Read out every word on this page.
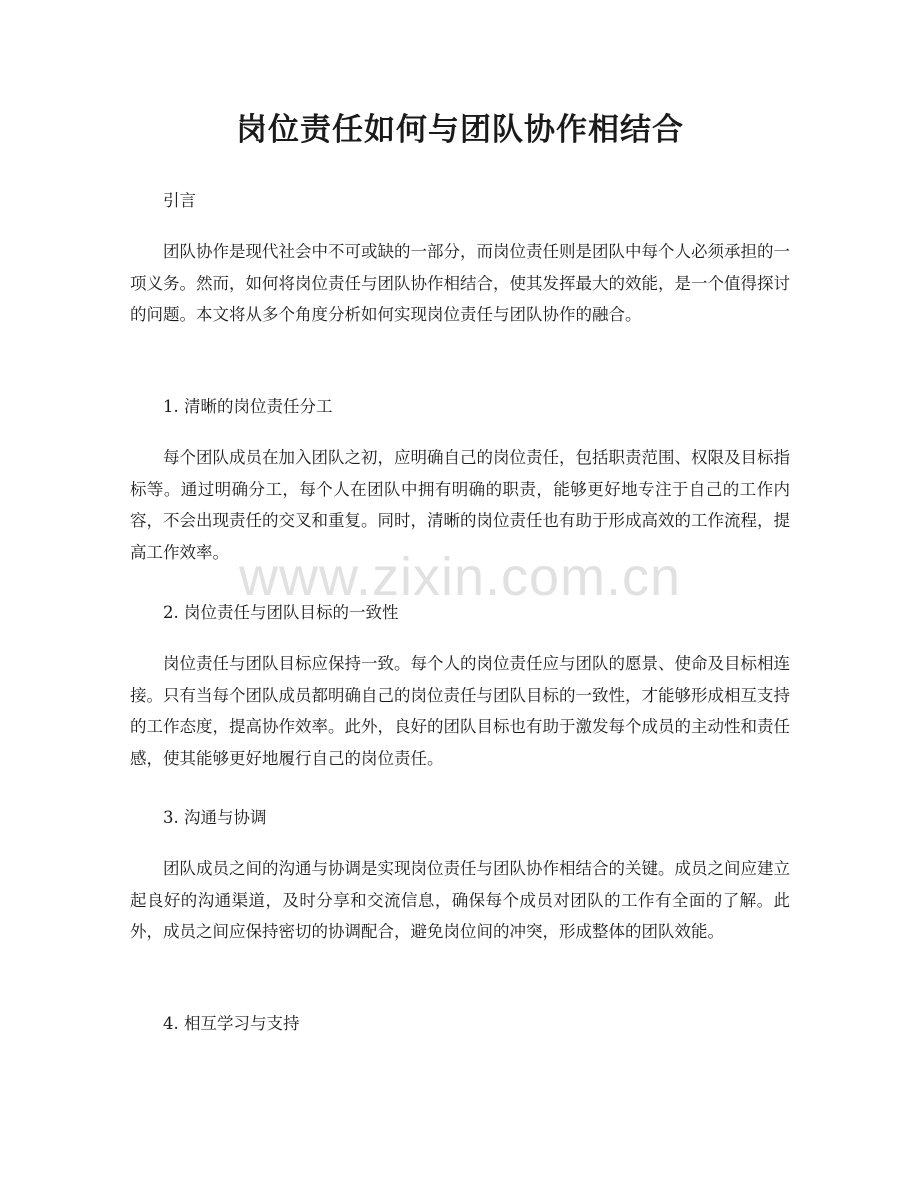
岗位责任如何与团队协作相结合

引言

团队协作是现代社会中不可或缺的一部分，而岗位责任则是团队中每个人必须承担的一项义务。然而，如何将岗位责任与团队协作相结合，使其发挥最大的效能，是一个值得探讨的问题。本文将从多个角度分析如何实现岗位责任与团队协作的融合。

1. 清晰的岗位责任分工

每个团队成员在加入团队之初，应明确自己的岗位责任，包括职责范围、权限及目标指标等。通过明确分工，每个人在团队中拥有明确的职责，能够更好地专注于自己的工作内容，不会出现责任的交叉和重复。同时，清晰的岗位责任也有助于形成高效的工作流程，提高工作效率。

2. 岗位责任与团队目标的一致性

岗位责任与团队目标应保持一致。每个人的岗位责任应与团队的愿景、使命及目标相连接。只有当每个团队成员都明确自己的岗位责任与团队目标的一致性，才能够形成相互支持的工作态度，提高协作效率。此外，良好的团队目标也有助于激发每个成员的主动性和责任感，使其能够更好地履行自己的岗位责任。

3. 沟通与协调

团队成员之间的沟通与协调是实现岗位责任与团队协作相结合的关键。成员之间应建立起良好的沟通渠道，及时分享和交流信息，确保每个成员对团队的工作有全面的了解。此外，成员之间应保持密切的协调配合，避免岗位间的冲突，形成整体的团队效能。

4. 相互学习与支持

www.zixin.com.cn
